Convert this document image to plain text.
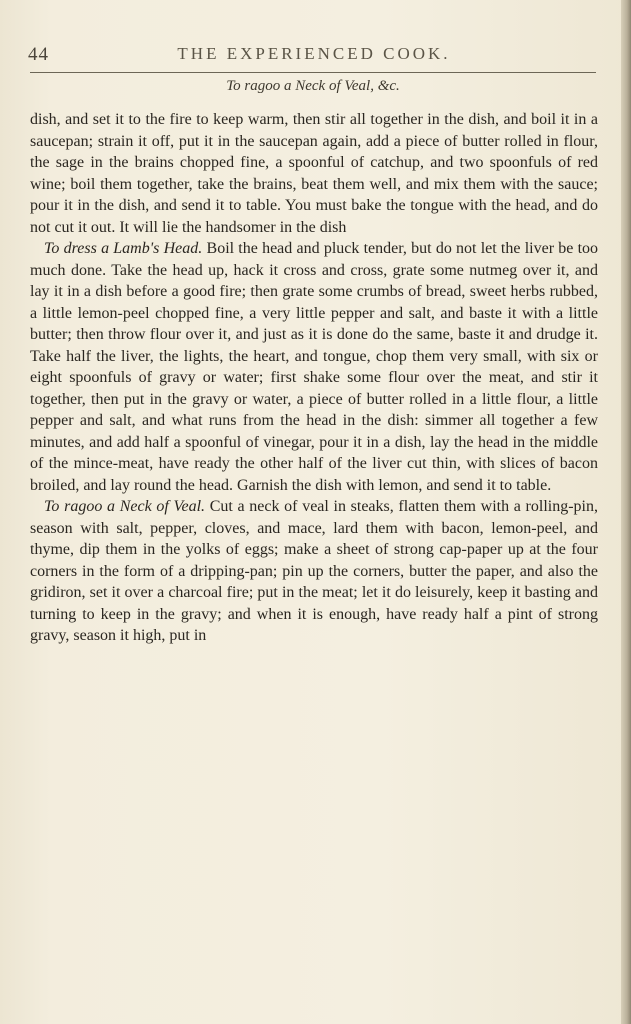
44	THE EXPERIENCED COOK.
To ragoo a Neck of Veal, &c.

dish, and set it to the fire to keep warm, then stir all together in the dish, and boil it in a saucepan; strain it off, put it in the saucepan again, add a piece of butter rolled in flour, the sage in the brains chopped fine, a spoonful of catchup, and two spoonfuls of red wine; boil them together, take the brains, beat them well, and mix them with the sauce; pour it in the dish, and send it to table. You must bake the tongue with the head, and do not cut it out. It will lie the handsomer in the dish

To dress a Lamb's Head. Boil the head and pluck tender, but do not let the liver be too much done. Take the head up, hack it cross and cross, grate some nutmeg over it, and lay it in a dish before a good fire; then grate some crumbs of bread, sweet herbs rubbed, a little lemon-peel chopped fine, a very little pepper and salt, and baste it with a little butter; then throw flour over it, and just as it is done do the same, baste it and drudge it. Take half the liver, the lights, the heart, and tongue, chop them very small, with six or eight spoonfuls of gravy or water; first shake some flour over the meat, and stir it together, then put in the gravy or water, a piece of butter rolled in a little flour, a little pepper and salt, and what runs from the head in the dish: simmer all together a few minutes, and add half a spoonful of vinegar, pour it in a dish, lay the head in the middle of the mince-meat, have ready the other half of the liver cut thin, with slices of bacon broiled, and lay round the head. Garnish the dish with lemon, and send it to table.

To ragoo a Neck of Veal. Cut a neck of veal in steaks, flatten them with a rolling-pin, season with salt, pepper, cloves, and mace, lard them with bacon, lemon-peel, and thyme, dip them in the yolks of eggs; make a sheet of strong cap-paper up at the four corners in the form of a dripping-pan; pin up the corners, butter the paper, and also the gridiron, set it over a charcoal fire; put in the meat; let it do leisurely, keep it basting and turning to keep in the gravy; and when it is enough, have ready half a pint of strong gravy, season it high, put in
